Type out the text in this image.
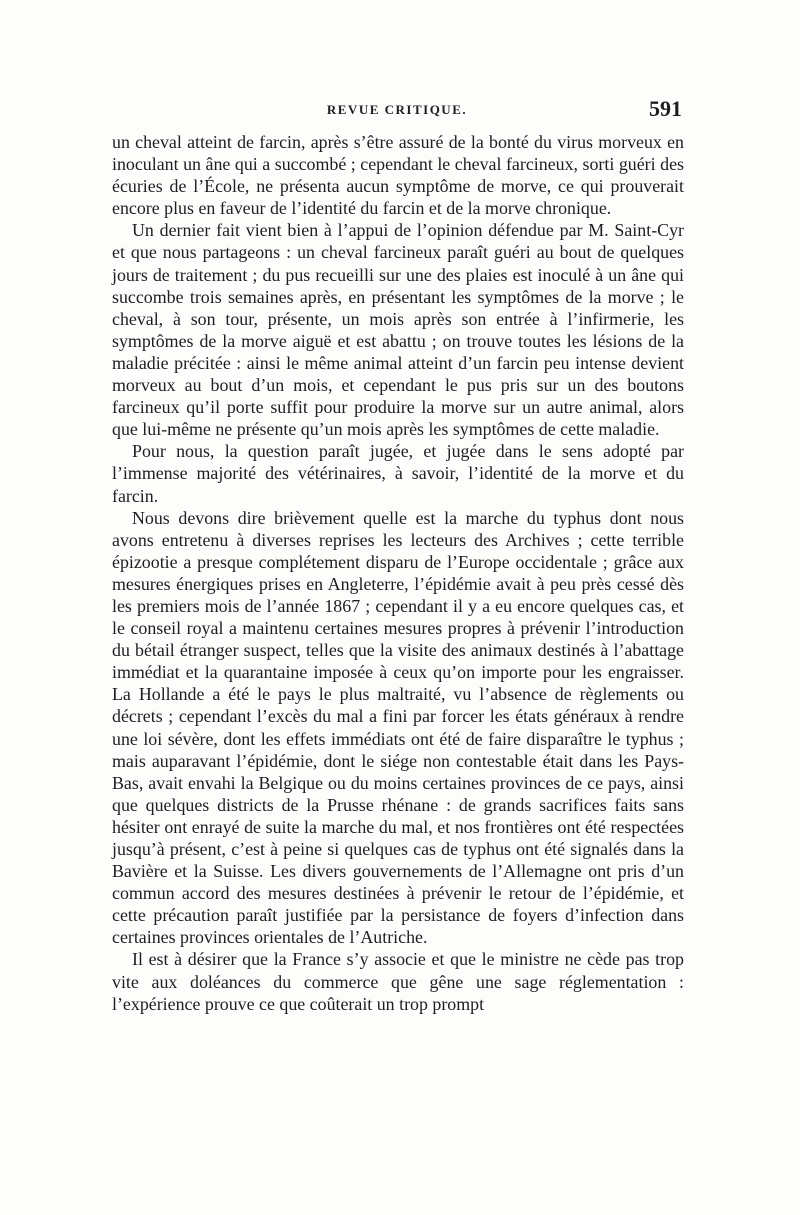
REVUE CRITIQUE.	591

un cheval atteint de farcin, après s’être assuré de la bonté du virus morveux en inoculant un âne qui a succombé ; cependant le cheval farcineux, sorti guéri des écuries de l’École, ne présenta aucun symptôme de morve, ce qui prouverait encore plus en faveur de l’identité du farcin et de la morve chronique.

Un dernier fait vient bien à l’appui de l’opinion défendue par M. Saint-Cyr et que nous partageons : un cheval farcineux paraît guéri au bout de quelques jours de traitement ; du pus recueilli sur une des plaies est inoculé à un âne qui succombe trois semaines après, en présentant les symptômes de la morve ; le cheval, à son tour, présente, un mois après son entrée à l’infirmerie, les symptômes de la morve aiguë et est abattu ; on trouve toutes les lésions de la maladie précitée : ainsi le même animal atteint d’un farcin peu intense devient morveux au bout d’un mois, et cependant le pus pris sur un des boutons farcineux qu’il porte suffit pour produire la morve sur un autre animal, alors que lui-même ne présente qu’un mois après les symptômes de cette maladie.

Pour nous, la question paraît jugée, et jugée dans le sens adopté par l’immense majorité des vétérinaires, à savoir, l’identité de la morve et du farcin.

Nous devons dire brièvement quelle est la marche du typhus dont nous avons entretenu à diverses reprises les lecteurs des Archives ; cette terrible épizootie a presque complétement disparu de l’Europe occidentale ; grâce aux mesures énergiques prises en Angleterre, l’épidémie avait à peu près cessé dès les premiers mois de l’année 1867 ; cependant il y a eu encore quelques cas, et le conseil royal a maintenu certaines mesures propres à prévenir l’introduction du bétail étranger suspect, telles que la visite des animaux destinés à l’abattage immédiat et la quarantaine imposée à ceux qu’on importe pour les engraisser. La Hollande a été le pays le plus maltraité, vu l’absence de règlements ou décrets ; cependant l’excès du mal a fini par forcer les états généraux à rendre une loi sévère, dont les effets immédiats ont été de faire disparaître le typhus ; mais auparavant l’épidémie, dont le siége non contestable était dans les Pays-Bas, avait envahi la Belgique ou du moins certaines provinces de ce pays, ainsi que quelques districts de la Prusse rhénane : de grands sacrifices faits sans hésiter ont enrayé de suite la marche du mal, et nos frontières ont été respectées jusqu’à présent, c’est à peine si quelques cas de typhus ont été signalés dans la Bavière et la Suisse. Les divers gouvernements de l’Allemagne ont pris d’un commun accord des mesures destinées à prévenir le retour de l’épidémie, et cette précaution paraît justifiée par la persistance de foyers d’infection dans certaines provinces orientales de l’Autriche.

Il est à désirer que la France s’y associe et que le ministre ne cède pas trop vite aux doléances du commerce que gêne une sage réglementation : l’expérience prouve ce que coûterait un trop prompt
